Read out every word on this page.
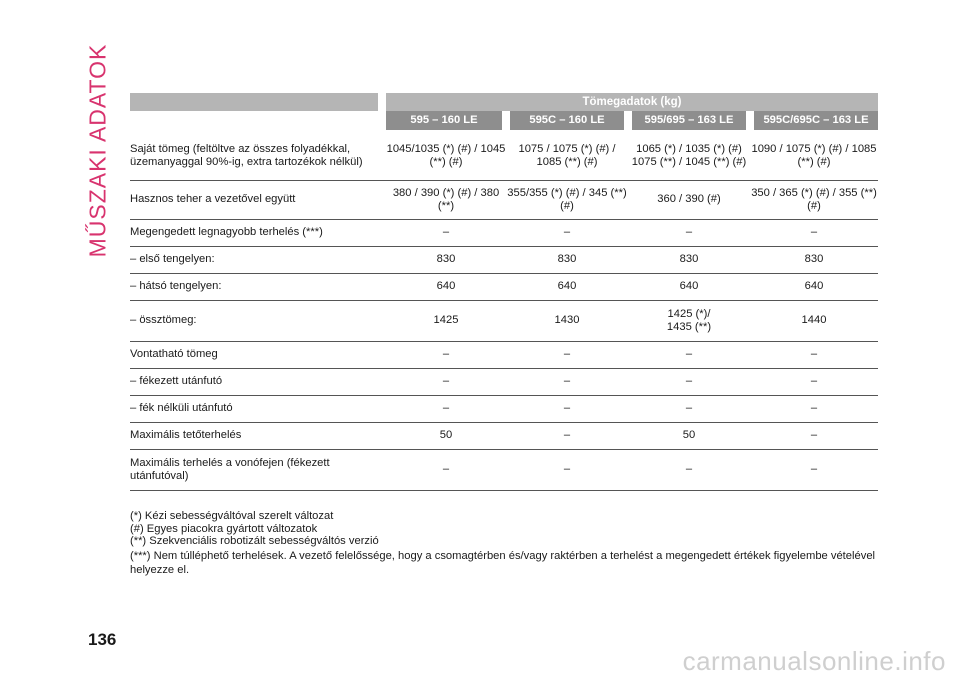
MŰSZAKI ADATOK
			Tömegadatok (kg)			
		595 – 160 LE	595C – 160 LE	595/695 – 163 LE	595C/695C – 163 LE

Saját tömeg (feltöltve az összes folyadékkal, üzemanyaggal 90%-ig, extra tartozékok nélkül)		1045/1035 (*) (#) / 1045 (**) (#)	1075 / 1075 (*) (#) / 1085 (**) (#)	1065 (*) / 1035 (*) (#) 1075 (**) / 1045 (**) (#)	1090 / 1075 (*) (#) / 1085 (**) (#)
Hasznos teher a vezetővel együtt		380 / 390 (*) (#) / 380 (**)	355/355 (*) (#) / 345 (**) (#)	360 / 390 (#)	350 / 365 (*) (#) / 355 (**) (#)
Megengedett legnagyobb terhelés (***)		–	–	–	–
– első tengelyen:		830	830	830	830
– hátsó tengelyen:		640	640	640	640
– össztömeg:		1425	1430	1425 (*)/ 1435 (**)	1440
Vontatható tömeg		–	–	–	–
– fékezett utánfutó		–	–	–	–
– fék nélküli utánfutó		–	–	–	–
Maximális tetőterhelés		50	–	50	–
Maximális terhelés a vonófejen (fékezett utánfutóval)		–	–	–	–
(*) Kézi sebességváltóval szerelt változat
(#) Egyes piacokra gyártott változatok
(**) Szekvenciális robotizált sebességváltós verzió
(***) Nem túlléphető terhelések. A vezető felelőssége, hogy a csomagtérben és/vagy raktérben a terhelést a megengedett értékek figyelembe vételével helyezze el.
136
carmanualsonline.info
